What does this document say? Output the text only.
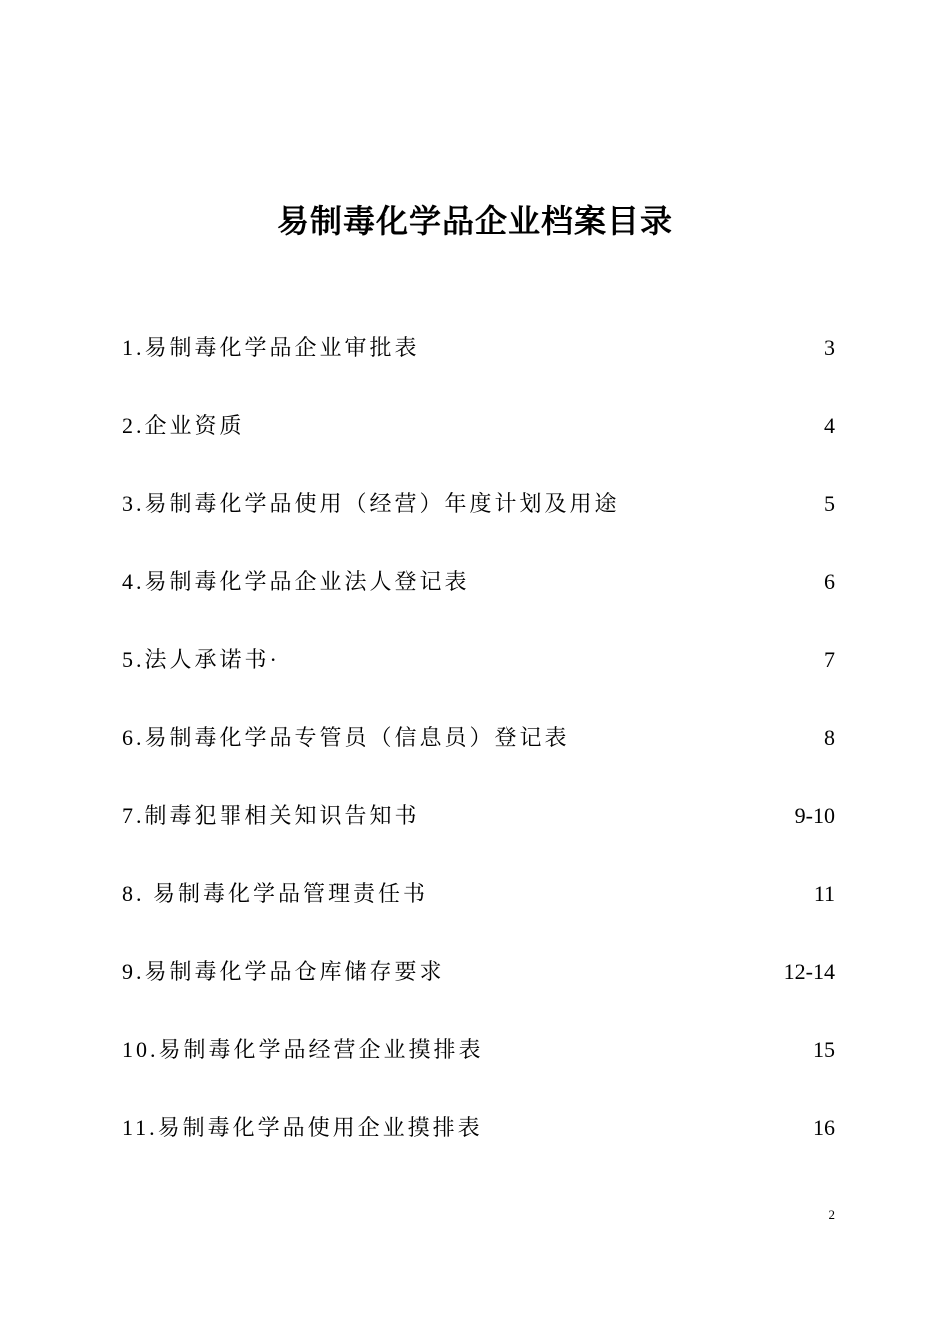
易制毒化学品企业档案目录
1.易制毒化学品企业审批表	3
2.企业资质	4
3.易制毒化学品使用（经营）年度计划及用途	5
4.易制毒化学品企业法人登记表	6
5.法人承诺书·	7
6.易制毒化学品专管员（信息员）登记表	8
7.制毒犯罪相关知识告知书	9-10
8. 易制毒化学品管理责任书	11
9.易制毒化学品仓库储存要求	12-14
10.易制毒化学品经营企业摸排表	15
11.易制毒化学品使用企业摸排表	16
2
